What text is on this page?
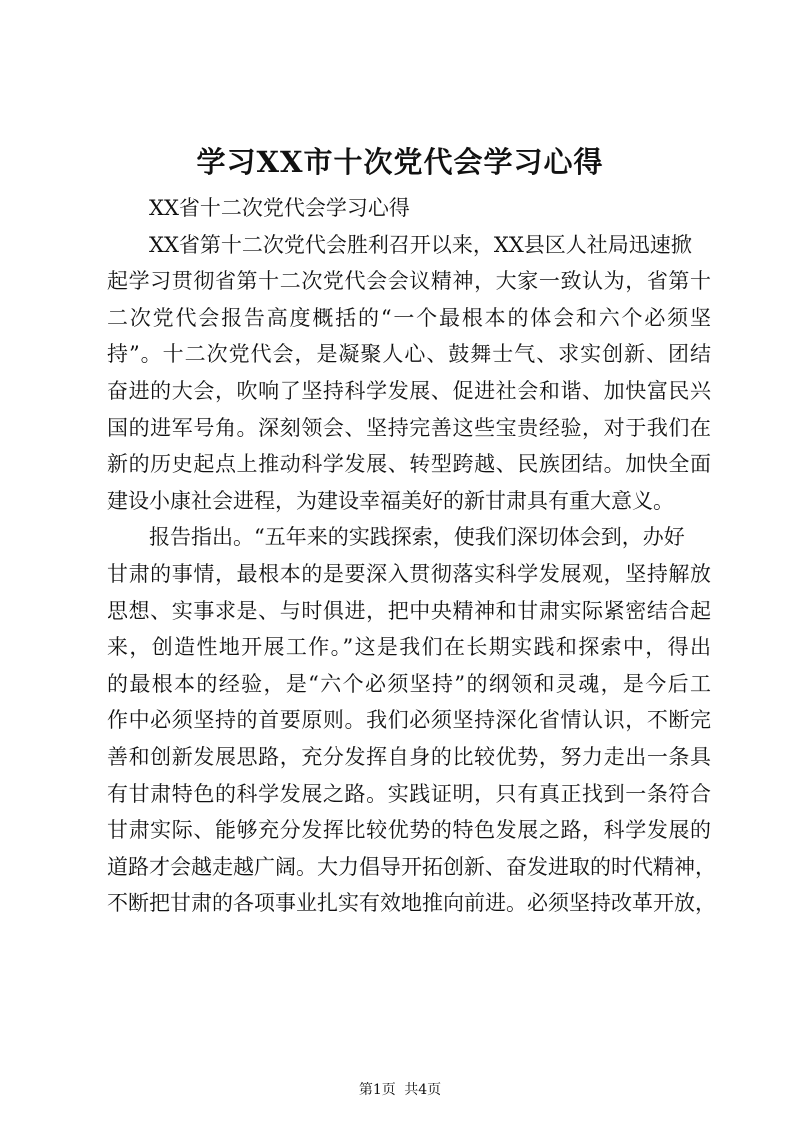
学习XX市十次党代会学习心得
XX省十二次党代会学习心得
XX省第十二次党代会胜利召开以来，XX县区人社局迅速掀
起学习贯彻省第十二次党代会会议精神，大家一致认为，省第十
二次党代会报告高度概括的“一个最根本的体会和六个必须坚
持”。十二次党代会，是凝聚人心、鼓舞士气、求实创新、团结
奋进的大会，吹响了坚持科学发展、促进社会和谐、加快富民兴
国的进军号角。深刻领会、坚持完善这些宝贵经验，对于我们在
新的历史起点上推动科学发展、转型跨越、民族团结。加快全面
建设小康社会进程，为建设幸福美好的新甘肃具有重大意义。
报告指出。“五年来的实践探索，使我们深切体会到，办好
甘肃的事情，最根本的是要深入贯彻落实科学发展观，坚持解放
思想、实事求是、与时俱进，把中央精神和甘肃实际紧密结合起
来，创造性地开展工作。”这是我们在长期实践和探索中，得出
的最根本的经验，是“六个必须坚持”的纲领和灵魂，是今后工
作中必须坚持的首要原则。我们必须坚持深化省情认识，不断完
善和创新发展思路，充分发挥自身的比较优势，努力走出一条具
有甘肃特色的科学发展之路。实践证明，只有真正找到一条符合
甘肃实际、能够充分发挥比较优势的特色发展之路，科学发展的
道路才会越走越广阔。大力倡导开拓创新、奋发进取的时代精神，
不断把甘肃的各项事业扎实有效地推向前进。必须坚持改革开放，
第1页 共4页
